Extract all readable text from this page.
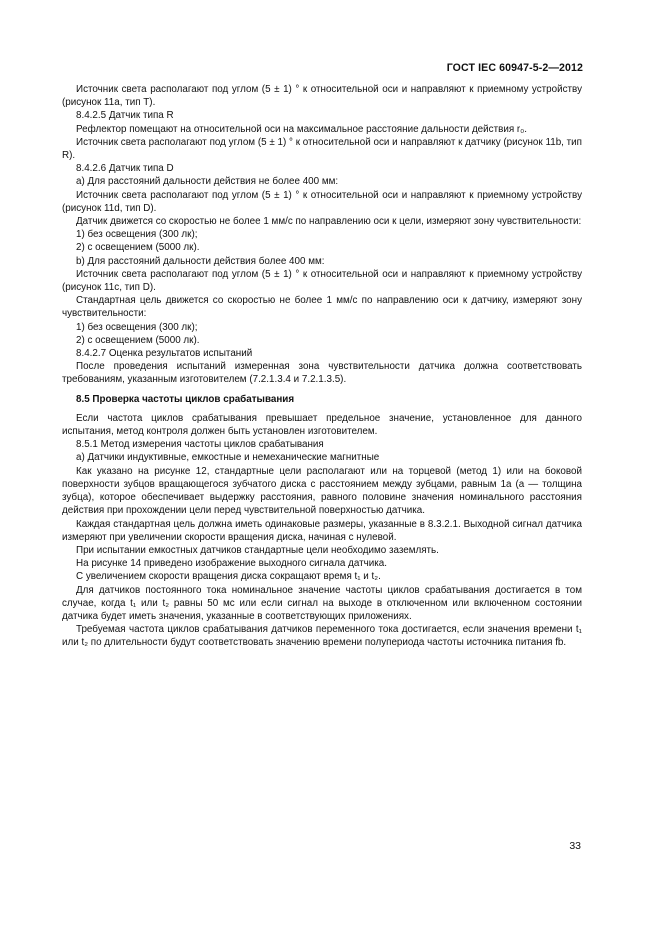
ГОСТ IEC 60947-5-2—2012

Источник света располагают под углом (5 ± 1) ° к относительной оси и направляют к приемному устройству (рисунок 11a, тип T).

8.4.2.5 Датчик типа R

Рефлектор помещают на относительной оси на максимальное расстояние дальности действия r₀.

Источник света располагают под углом (5 ± 1) ° к относительной оси и направляют к датчику (рисунок 11b, тип R).

8.4.2.6 Датчик типа D

a) Для расстояний дальности действия не более 400 мм:

Источник света располагают под углом (5 ± 1) ° к относительной оси и направляют к приемному устройству (рисунок 11d, тип D).

Датчик движется со скоростью не более 1 мм/с по направлению оси к цели, измеряют зону чувствительности:

1) без освещения (300 лк);

2) с освещением (5000 лк).

b) Для расстояний дальности действия более 400 мм:

Источник света располагают под углом (5 ± 1) ° к относительной оси и направляют к приемному устройству (рисунок 11c, тип D).

Стандартная цель движется со скоростью не более 1 мм/с по направлению оси к датчику, измеряют зону чувствительности:

1) без освещения (300 лк);

2) с освещением (5000 лк).

8.4.2.7 Оценка результатов испытаний

После проведения испытаний измеренная зона чувствительности датчика должна соответствовать требованиям, указанным изготовителем (7.2.1.3.4 и 7.2.1.3.5).

8.5 Проверка частоты циклов срабатывания

Если частота циклов срабатывания превышает предельное значение, установленное для данного испытания, метод контроля должен быть установлен изготовителем.

8.5.1 Метод измерения частоты циклов срабатывания

a) Датчики индуктивные, емкостные и немеханические магнитные

Как указано на рисунке 12, стандартные цели располагают или на торцевой (метод 1) или на боковой поверхности зубцов вращающегося зубчатого диска с расстоянием между зубцами, равным 1a (a — толщина зубца), которое обеспечивает выдержку расстояния, равного половине значения номинального расстояния действия при прохождении цели перед чувствительной поверхностью датчика.

Каждая стандартная цель должна иметь одинаковые размеры, указанные в 8.3.2.1. Выходной сигнал датчика измеряют при увеличении скорости вращения диска, начиная с нулевой.

При испытании емкостных датчиков стандартные цели необходимо заземлять.

На рисунке 14 приведено изображение выходного сигнала датчика.

С увеличением скорости вращения диска сокращают время t₁ и t₂.

Для датчиков постоянного тока номинальное значение частоты циклов срабатывания достигается в том случае, когда t₁ или t₂ равны 50 мс или если сигнал на выходе в отключенном или включенном состоянии датчика будет иметь значения, указанные в соответствующих приложениях.

Требуемая частота циклов срабатывания датчиков переменного тока достигается, если значения времени t₁ или t₂ по длительности будут соответствовать значению времени полупериода частоты источника питания fb.

33
